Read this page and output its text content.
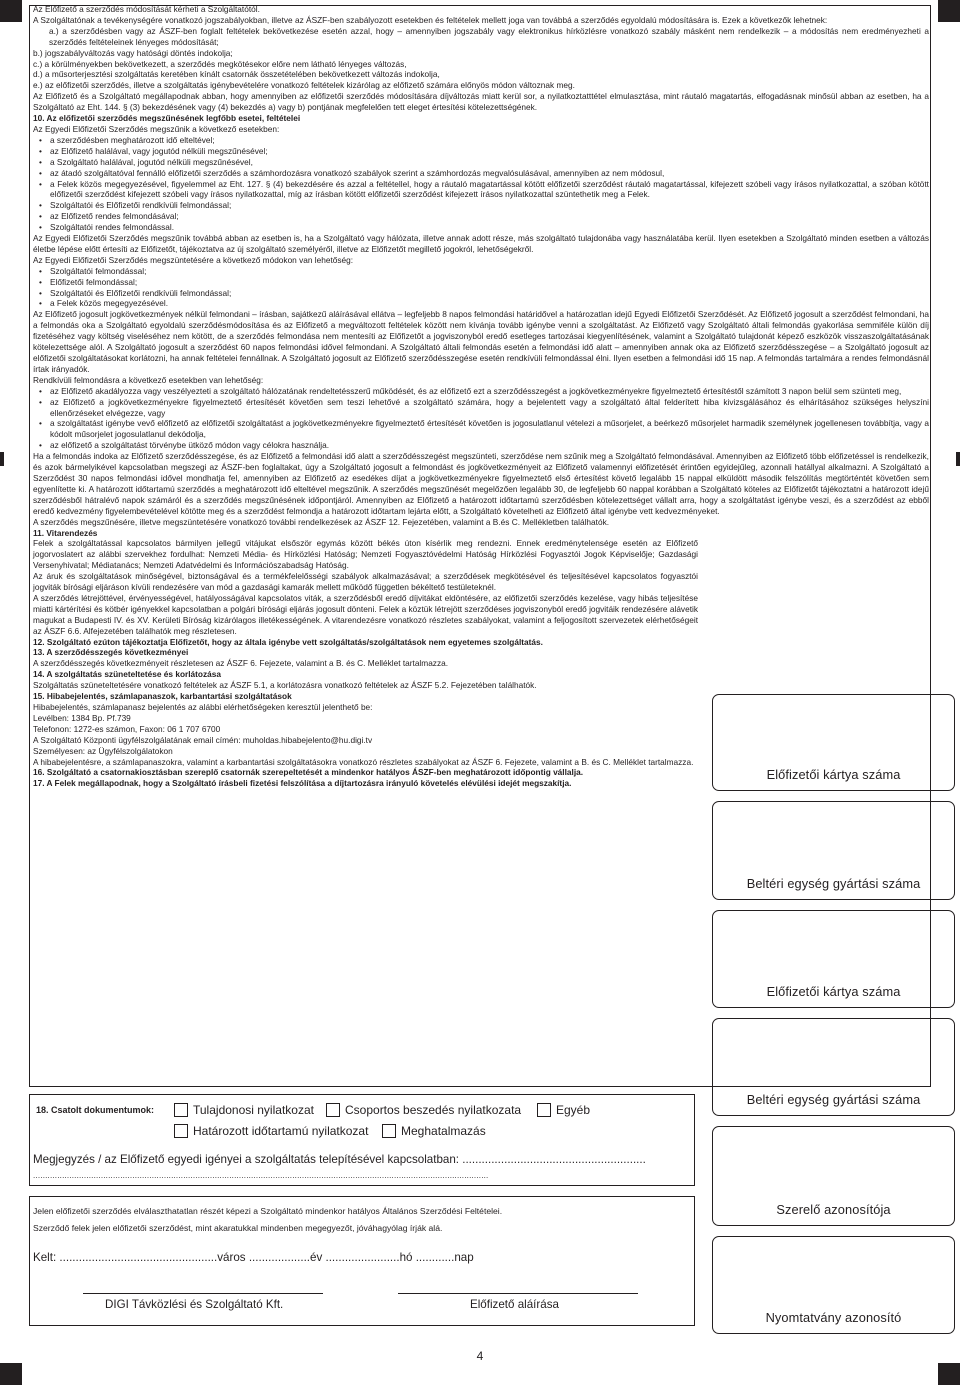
Az Előfizető a szerződés módosítását kérheti a Szolgáltatótól.

A Szolgáltatónak a tevékenységére vonatkozó jogszabályokban, illetve az ÁSZF-ben szabályozott esetekben és feltételek mellett joga van továbbá a szerződés egyoldalú módosítására is. Ezek a következők lehetnek:

a.) a szerződésben vagy az ÁSZF-ben foglalt feltételek bekövetkezése esetén azzal, hogy – amennyiben jogszabály vagy elektronikus hírközlésre vonatkozó szabály másként nem rendelkezik – a módosítás nem eredményezheti a szerződés feltételeinek lényeges módosítását;

b.) jogszabályváltozás vagy hatósági döntés indokolja;

c.) a körülményekben bekövetkezett, a szerződés megkötésekor előre nem látható lényeges változás,

d.) a műsorterjesztési szolgáltatás keretében kínált csatornák összetételében bekövetkezett változás indokolja,

e.) az előfizetői szerződés, illetve a szolgáltatás igénybevételére vonatkozó feltételek kizárólag az előfizető számára előnyös módon változnak meg.

Az Előfizető és a Szolgáltató megállapodnak abban, hogy amennyiben az előfizetői szerződés módosítására díjváltozás miatt kerül sor, a nyilatkoztatttétel elmulasztása, mint ráutaló magatartás, elfogadásnak minősül abban az esetben, ha a Szolgáltató az Eht. 144. § (3) bekezdésének vagy (4) bekezdés a) vagy b) pontjának megfelelően tett eleget értesítési kötelezettségének.

10. Az előfizetői szerződés megszűnésének legfőbb esetei, feltételei

Az Egyedi Előfizetői Szerződés megszűnik a következő esetekben:

• a szerződésben meghatározott idő elteltével;

• az Előfizető halálával, vagy jogutód nélküli megszűnésével;

• a Szolgáltató halálával, jogutód nélküli megszűnésével,

• az átadó szolgáltatóval fennálló előfizetői szerződés a számhordozásra vonatkozó szabályok szerint a számhordozás megvalósulásával, amennyiben az nem módosul,

• a Felek közös megegyezésével, figyelemmel az Eht. 127. § (4) bekezdésére és azzal a feltétellel, hogy a ráutaló magatartással kötött előfizetői szerződést ráutaló magatartással, kifejezett szóbeli vagy írásos nyilatkozattal, a szóban kötött előfizetői szerződést kifejezett szóbeli vagy írásos nyilatkozattal, míg az írásban kötött előfizetői szerződést kifejezett írásos nyilatkozattal szüntethetik meg a Felek.

• Szolgáltatói és Előfizetői rendkívüli felmondással;

• az Előfizető rendes felmondásával;

• Szolgáltatói rendes felmondással.

Az Egyedi Előfizetői Szerződés megszűnik továbbá abban az esetben is, ha a Szolgáltató vagy hálózata, illetve annak adott része, más szolgáltató tulajdonába vagy használatába kerül. Ilyen esetekben a Szolgáltató minden esetben a változás életbe lépése előtt értesíti az Előfizetőt, tájékoztatva az új szolgáltató személyéről, illetve az Előfizetőt megillető jogokról, lehetőségekről.

Az Egyedi Előfizetői Szerződés megszüntetésére a következő módokon van lehetőség:

• Szolgáltatói felmondással;

• Előfizetői felmondással;

• Szolgáltatói és Előfizetői rendkívüli felmondással;

• a Felek közös megegyezésével.

Az Előfizető jogosult jogkövetkezmények nélkül felmondani – írásban, sajátkezű aláírásával ellátva – legfeljebb 8 napos felmondási határidővel a határozatlan idejű Egyedi Előfizetői Szerződését. Az Előfizető jogosult a szerződést felmondani, ha a felmondás oka a Szolgáltató egyoldalú szerződésmódosítása és az Előfizető a megváltozott feltételek között nem kívánja tovább igénybe venni a szolgáltatást. Az Előfizető vagy Szolgáltató általi felmondás gyakorlása semmiféle külön díj fizetéséhez vagy költség viseléséhez nem kötött, de a szerződés felmondása nem mentesíti az Előfizetőt a jogviszonyból eredő esetleges tartozásai kiegyenlítésének, valamint a Szolgáltató tulajdonát képező eszközök visszaszolgáltatásának kötelezettsége alól. A Szolgáltató jogosult a szerződést 60 napos felmondási idővel felmondani. A Szolgáltató általi felmondás esetén a felmondási idő alatt – amennyiben annak oka az Előfizető szerződésszegése – a Szolgáltató jogosult az előfizetői szolgáltatásokat korlátozni, ha annak feltételei fennállnak. A Szolgáltató jogosult az Előfizető szerződésszegése esetén rendkívüli felmondással élni. Ilyen esetben a felmondási idő 15 nap. A felmondás tartalmára a rendes felmondásnál írtak irányadók.

Rendkívüli felmondásra a következő esetekben van lehetőség:

• az Előfizető akadályozza vagy veszélyezteti a szolgáltató hálózatának rendeltetésszerű működését, és az előfizető ezt a szerződésszegést a jogkövetkezményekre figyelmeztető értesítéstől számított 3 napon belül sem szünteti meg,

• az Előfizető a jogkövetkezményekre figyelmeztető értesítését követően sem teszi lehetővé a szolgáltató számára, hogy a bejelentett vagy a szolgáltató által felderített hiba kivizsgálásához és elhárításához szükséges helyszíni ellenőrzéseket elvégezze, vagy

• a szolgáltatást igénybe vevő előfizető az előfizetői szolgáltatást a jogkövetkezményekre figyelmeztető értesítését követően is jogosulatlanul vételezi a műsorjelet, a beérkező műsorjelet harmadik személynek jogellenesen továbbítja, vagy a kódolt műsorjelet jogosulatlanul dekódolja,

• az előfizető a szolgáltatást törvénybe ütköző módon vagy célokra használja.

Ha a felmondás indoka az Előfizető szerződésszegése, és az Előfizető a felmondási idő alatt a szerződésszegést megszünteti, szerződése nem szűnik meg a Szolgáltató felmondásával. Amennyiben az Előfizető több előfizetéssel is rendelkezik, és azok bármelyikével kapcsolatban megszegi az ÁSZF-ben foglaltakat, úgy a Szolgáltató jogosult a felmondást és jogkövetkezményeit az Előfizető valamennyi előfizetését érintően egyidejűleg, azonnali hatállyal alkalmazni. A Szolgáltató a Szerződést 30 napos felmondási idővel mondhatja fel, amennyiben az Előfizető az esedékes díjat a jogkövetkezményekre figyelmeztető első értesítést követő legalább 15 nappal elküldött második felszólítás megtörténtét követően sem egyenlítette ki. A határozott időtartamú szerződés a meghatározott idő elteltével megszűnik. A szerződés megszűnését megelőzően legalább 30, de legfeljebb 60 nappal korábban a Szolgáltató köteles az Előfizetőt tájékoztatni a határozott idejű szerződésből hátralévő napok számáról és a szerződés megszűnésének időpontjáról. Amennyiben az Előfizető a határozott időtartamú szerződésben kötelezettséget vállalt arra, hogy a szolgáltatást igénybe veszi, és a szerződést az ebből eredő kedvezmény figyelembevételével kötötte meg és a szerződést felmondja a határozott időtartam lejárta előtt, a Szolgáltató követelheti az Előfizető által igénybe vett kedvezményeket.

A szerződés megszűnésére, illetve megszüntetésére vonatkozó további rendelkezések az ÁSZF 12. Fejezetében, valamint a B.és C. Mellékletben találhatók.

11. Vitarendezés

Felek a szolgáltatással kapcsolatos bármilyen jellegű vitájukat elsőször egymás között békés úton kísérlik meg rendezni. Ennek eredménytelensége esetén az Előfizető jogorvoslatert az alábbi szervekhez fordulhat: Nemzeti Média- és Hírközlési Hatóság; Nemzeti Fogyasztóvédelmi Hatóság Hírközlési Fogyasztói Jogok Képviselője; Gazdasági Versenyhivatal; Médiatanács; Nemzeti Adatvédelmi és Információszabadság Hatóság.

Az áruk és szolgáltatások minőségével, biztonságával és a termékfelelősségi szabályok alkalmazásával; a szerződések megkötésével és teljesítésével kapcsolatos fogyasztói jogviták bírósági eljáráson kívüli rendezésére van mód a gazdasági kamarák mellett működő független békéltető testületeknél.

A szerződés létrejöttével, érvényességével, hatályosságával kapcsolatos viták, a szerződésből eredő díjvitákat eldöntésére, az előfizetői szerződés kezelése, vagy hibás teljesítése miatti kártérítési és kötbér igényekkel kapcsolatban a polgári bírósági eljárás jogosult dönteni. Felek a köztük létrejött szerződéses jogviszonyból eredő jogvitáik rendezésére alávetik magukat a Budapesti IV. és XV. Kerületi Bíróság kizárólagos illetékességének. A vitarendezésre vonatkozó részletes szabályokat, valamint a feljogosított szervezetek elérhetőségeit az ÁSZF 6.6. Alfejezetében találhatók meg részletesen.

12. Szolgáltató ezúton tájékoztatja Előfizetőt, hogy az általa igénybe vett szolgáltatás/szolgáltatások nem egyetemes szolgáltatás.

13. A szerződésszegés következményei

A szerződésszegés következményeit részletesen az ÁSZF 6. Fejezete, valamint a B. és C. Melléklet tartalmazza.

14. A szolgáltatás szüneteltetése és korlátozása

Szolgáltatás szüneteltetésére vonatkozó feltételek az ÁSZF 5.1, a korlátozásra vonatkozó feltételek az ÁSZF 5.2. Fejezetében találhatók.

15. Hibabejelentés, számlapanaszok, karbantartási szolgáltatások

Hibabejelentés, számlapanasz bejelentés az alábbi elérhetőségeken keresztül jelenthető be:

Levélben: 1384 Bp. Pf.739

Telefonon: 1272-es számon, Faxon: 06 1 707 6700

A Szolgáltató Központi ügyfélszolgálatának email címén: muholdas.hibabejelento@hu.digi.tv

Személyesen: az Ügyfélszolgálatokon

A hibabejelentésre, a számlapanaszokra, valamint a karbantartási szolgáltatásokra vonatkozó részletes szabályokat az ÁSZF 6. Fejezete, valamint a B. és C. Melléklet tartalmazza.

16. Szolgáltató a csatornakiosztásban szereplő csatornák szerepeltetését a mindenkor hatályos ÁSZF-ben meghatározott időpontig vállalja.

17. A Felek megállapodnak, hogy a Szolgáltató írásbeli fizetési felszólítása a díjtartozásra irányuló követelés elévülési idejét megszakítja.

Előfizetői kártya száma
Beltéri egység gyártási száma
Előfizetői kártya száma
Beltéri egység gyártási száma
Szerelő azonosítója
Nyomtatvány azonosító
18. Csatolt dokumentumok:	Tulajdonosi nyilatkozat	Csoportos beszedés nyilatkozata	Egyéb
Határozott időtartamú nyilatkozat	Meghatalmazás
Megjegyzés / az Előfizető egyedi igényei a szolgáltatás telepítésével kapcsolatban: .........................................................
............................................................................................................................................................................................
Jelen előfizetői szerződés elválaszthatatlan részét képezi a Szolgáltató mindenkor hatályos Általános Szerződési Feltételei.
Szerződő felek jelen előfizetői szerződést, mint akaratukkal mindenben megegyezőt, jóváhagyólag írják alá.
Kelt: .................................................város ...................év .......................hó ............nap
DIGI Távközlési és Szolgáltató Kft.	Előfizető aláírása
4
